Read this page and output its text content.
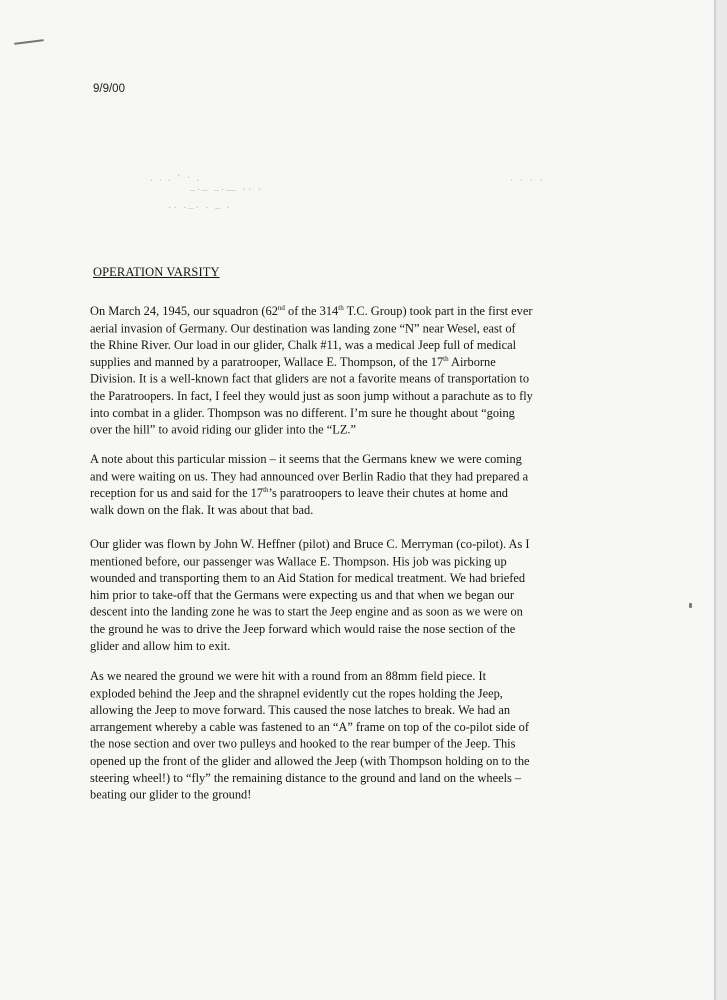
. . . ‘ · .
–·– –·— ·· ·
·· ·–· · – ·
· · · ·

9/9/00

OPERATION VARSITY

On March 24, 1945, our squadron (62nd of the 314th T.C. Group) took part in the first ever
aerial invasion of Germany. Our destination was landing zone “N” near Wesel, east of
the Rhine River. Our load in our glider, Chalk #11, was a medical Jeep full of medical
supplies and manned by a paratrooper, Wallace E. Thompson, of the 17th Airborne
Division. It is a well-known fact that gliders are not a favorite means of transportation to
the Paratroopers. In fact, I feel they would just as soon jump without a parachute as to fly
into combat in a glider. Thompson was no different. I’m sure he thought about “going
over the hill” to avoid riding our glider into the “LZ.”

A note about this particular mission – it seems that the Germans knew we were coming
and were waiting on us. They had announced over Berlin Radio that they had prepared a
reception for us and said for the 17th’s paratroopers to leave their chutes at home and
walk down on the flak. It was about that bad.

Our glider was flown by John W. Heffner (pilot) and Bruce C. Merryman (co-pilot). As I
mentioned before, our passenger was Wallace E. Thompson. His job was picking up
wounded and transporting them to an Aid Station for medical treatment. We had briefed
him prior to take-off that the Germans were expecting us and that when we began our
descent into the landing zone he was to start the Jeep engine and as soon as we were on
the ground he was to drive the Jeep forward which would raise the nose section of the
glider and allow him to exit.

As we neared the ground we were hit with a round from an 88mm field piece. It
exploded behind the Jeep and the shrapnel evidently cut the ropes holding the Jeep,
allowing the Jeep to move forward. This caused the nose latches to break. We had an
arrangement whereby a cable was fastened to an “A” frame on top of the co-pilot side of
the nose section and over two pulleys and hooked to the rear bumper of the Jeep. This
opened up the front of the glider and allowed the Jeep (with Thompson holding on to the
steering wheel!) to “fly” the remaining distance to the ground and land on the wheels –
beating our glider to the ground!
